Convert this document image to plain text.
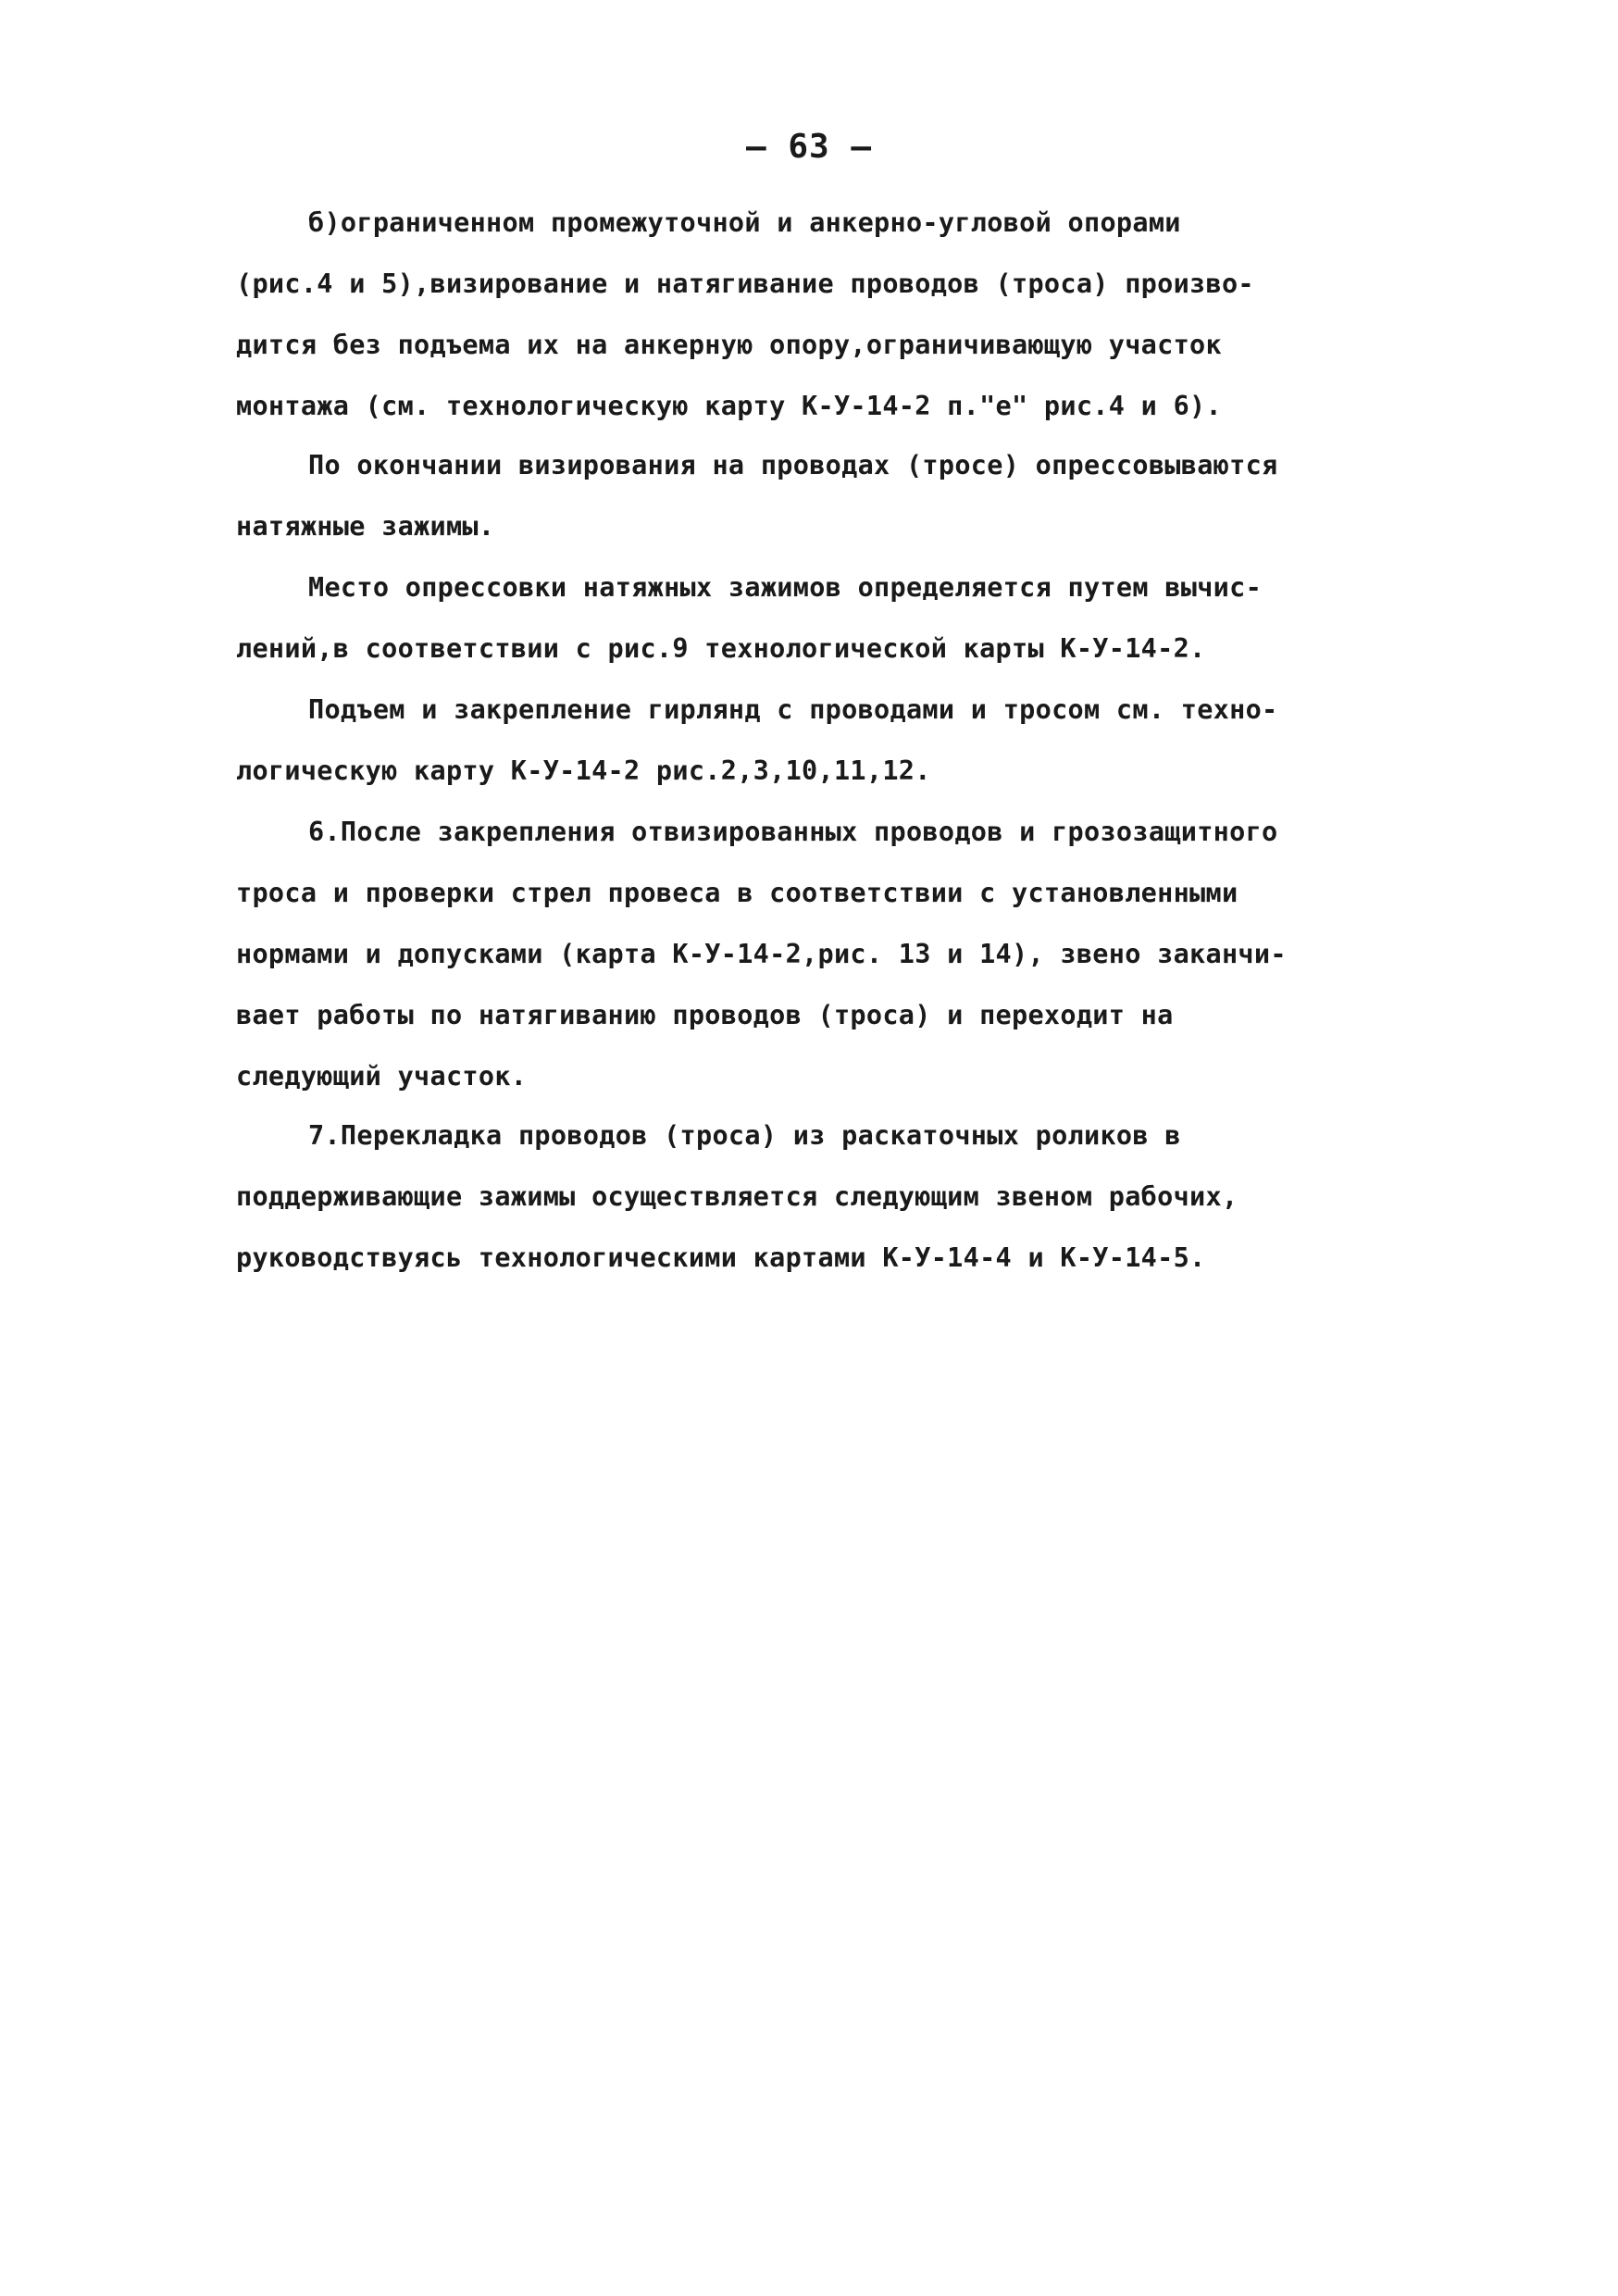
– 63 –
б)ограниченном промежуточной и анкерно-угловой опорами
(рис.4 и 5),визирование и натягивание проводов (троса) произво-
дится без подъема их на анкерную опору,ограничивающую участок
монтажа (см. технологическую карту К-У-14-2 п."е" рис.4 и 6).
По окончании визирования на проводах (тросе) опрессовываются
натяжные зажимы.
Место опрессовки натяжных зажимов определяется путем вычис-
лений,в соответствии с рис.9 технологической карты К-У-14-2.
Подъем и закрепление гирлянд с проводами и тросом см. техно-
логическую карту К-У-14-2 рис.2,3,10,11,12.
6.После закрепления отвизированных проводов и грозозащитного
троса и проверки стрел провеса в соответствии с установленными
нормами и допусками (карта К-У-14-2,рис. 13 и 14), звено заканчи-
вает работы по натягиванию проводов (троса) и переходит на
следующий участок.
7.Перекладка проводов (троса) из раскаточных роликов в
поддерживающие зажимы осуществляется следующим звеном рабочих,
руководствуясь технологическими картами К-У-14-4 и К-У-14-5.
